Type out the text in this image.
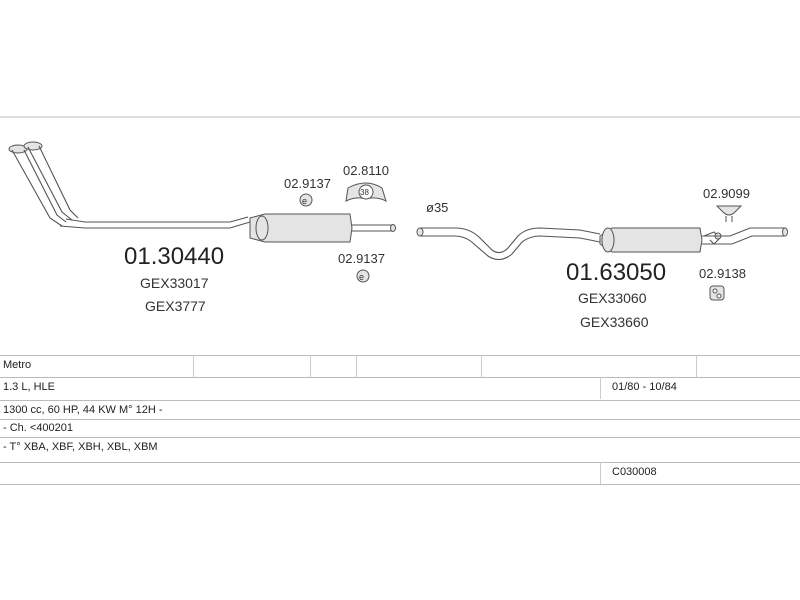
01.30440
GEX33017
GEX3777
02.9137
e
02.8110
38
02.9137
e
ø35
01.63050
GEX33060
GEX33660
02.9099
02.9138
Metro
1.3 L, HLE	01/80 - 10/84
1300 cc, 60 HP, 44 KW M° 12H -
- Ch. <400201
- T° XBA, XBF, XBH, XBL, XBM
C030008
